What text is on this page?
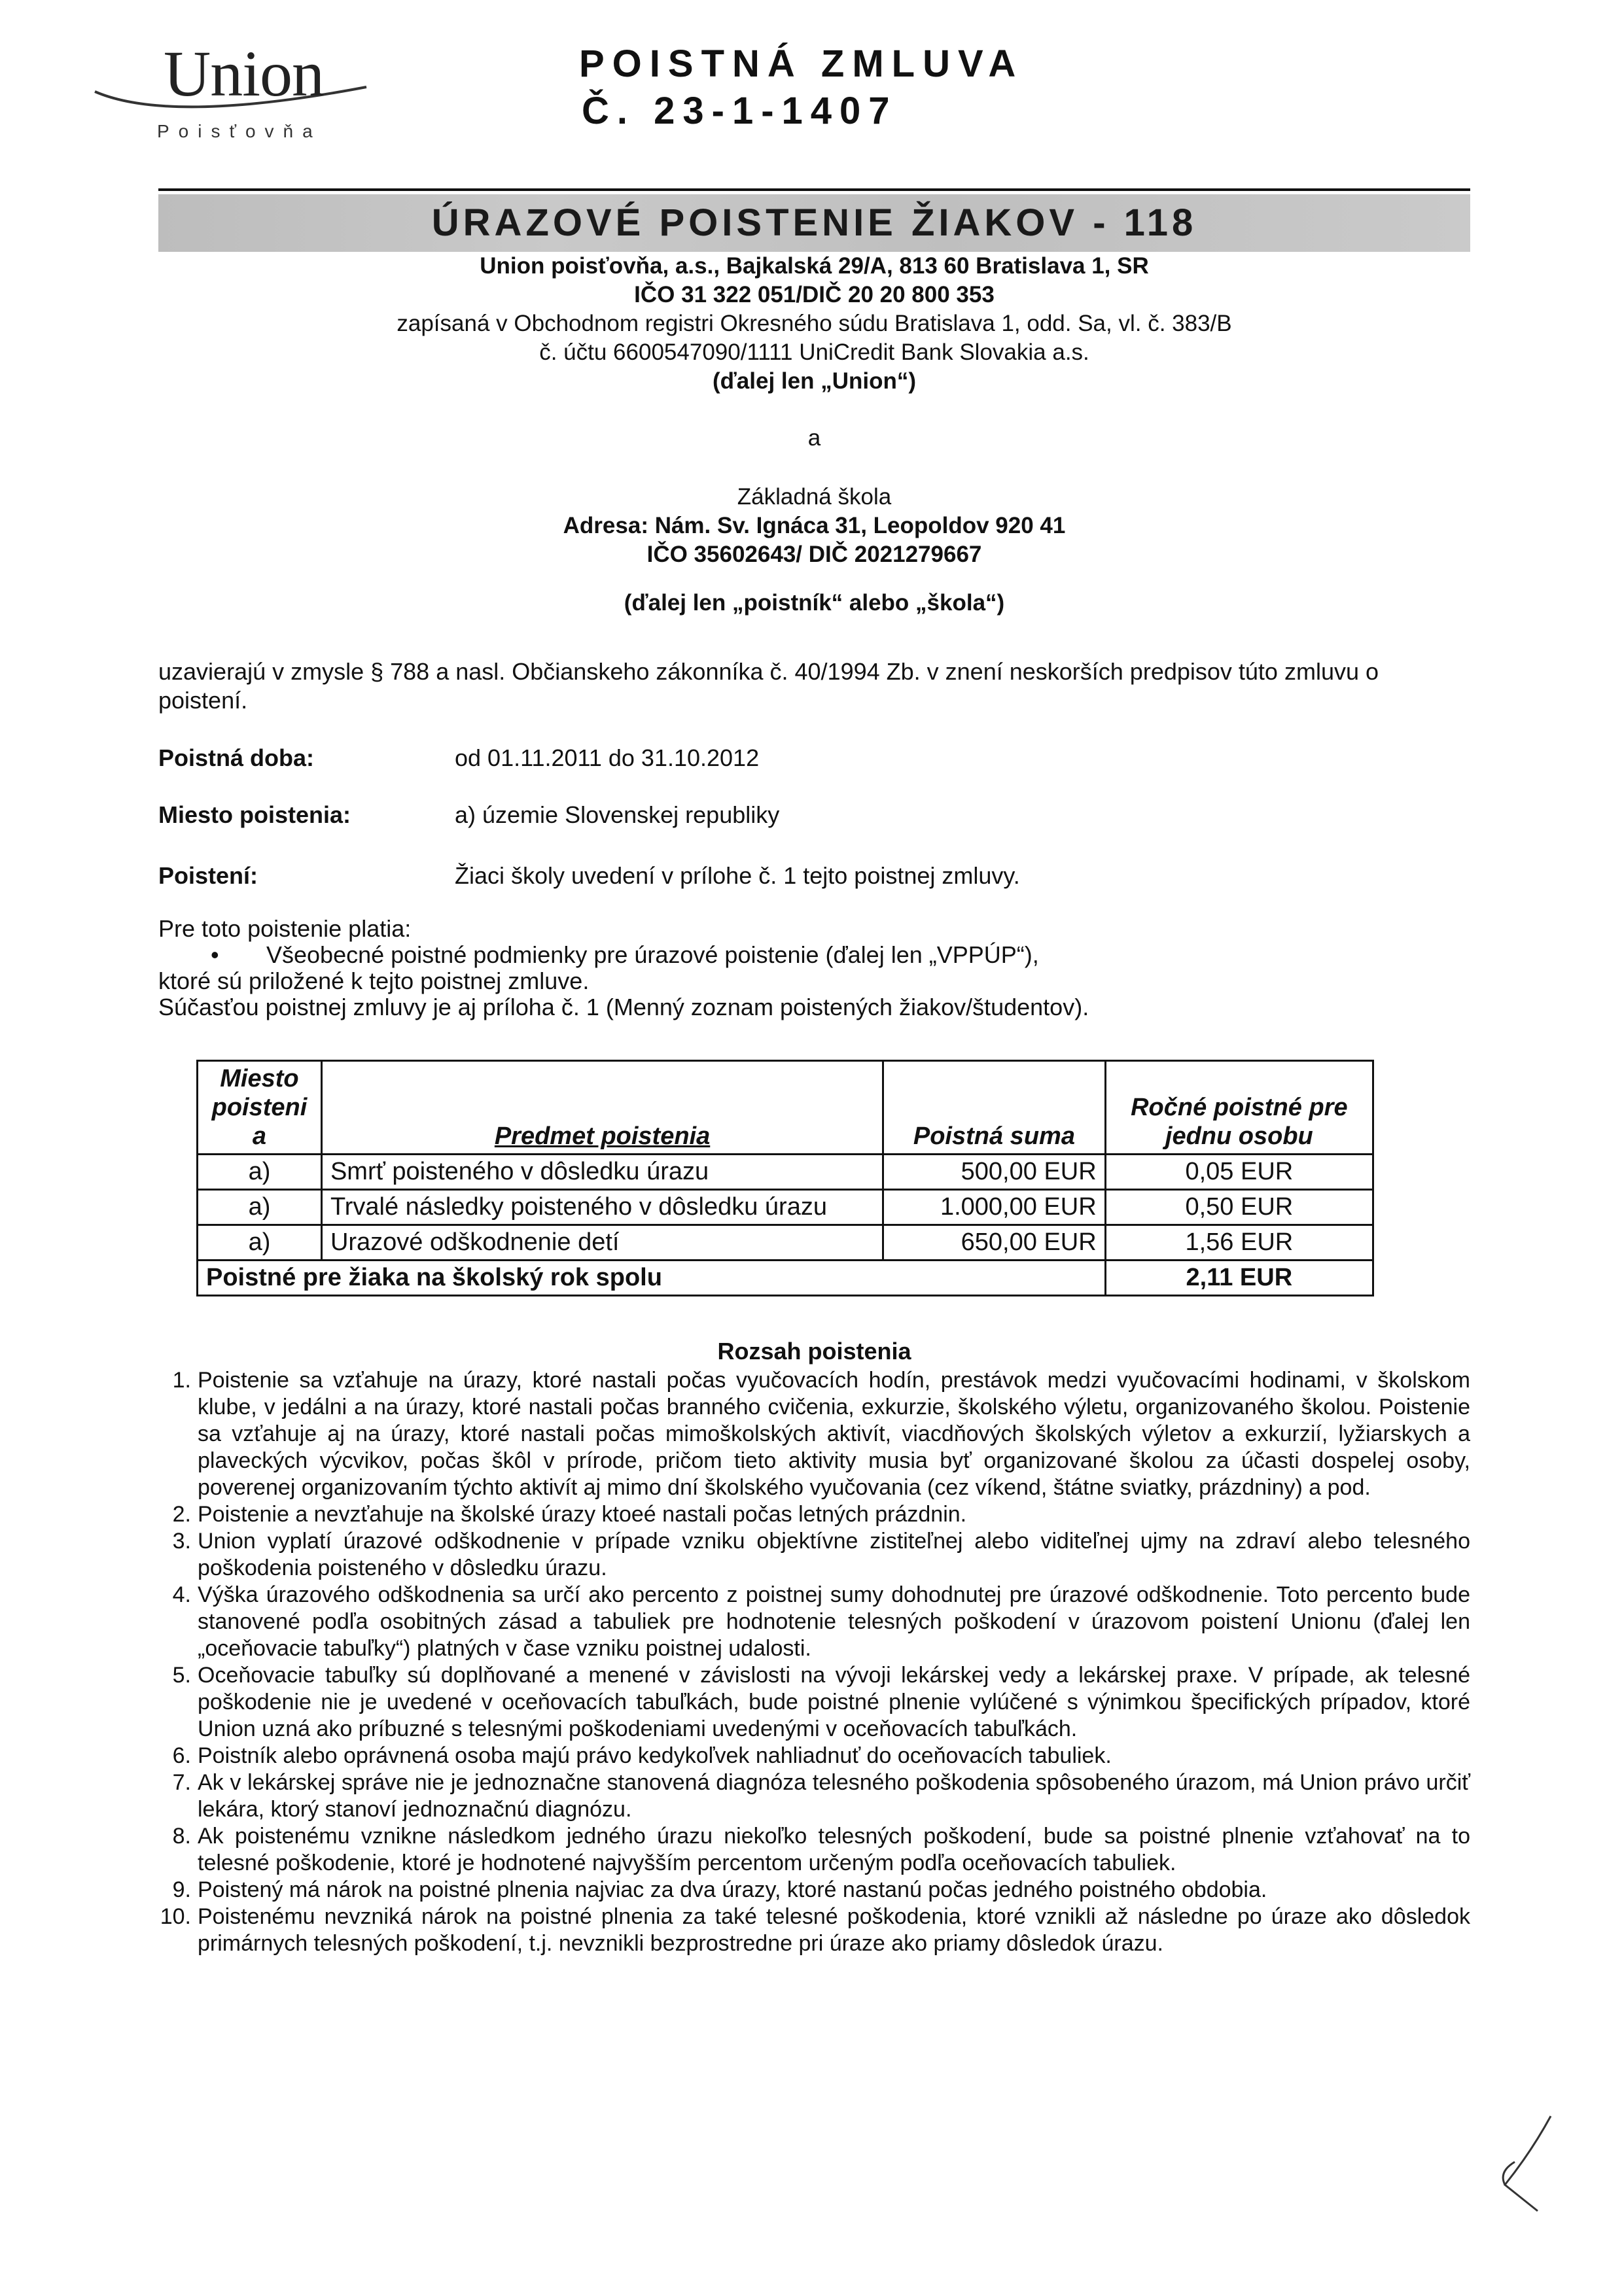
Union
Poisťovňa
POISTNÁ ZMLUVA
Č. 23-1-1407
ÚRAZOVÉ POISTENIE ŽIAKOV - 118
Union poisťovňa, a.s., Bajkalská 29/A, 813 60 Bratislava 1, SR
IČO 31 322 051/DIČ 20 20 800 353
zapísaná v Obchodnom registri Okresného súdu Bratislava 1, odd. Sa, vl. č. 383/B
č. účtu 6600547090/1111 UniCredit Bank Slovakia a.s.
(ďalej len „Union“)
a
Základná škola
Adresa: Nám. Sv. Ignáca 31, Leopoldov 920 41
IČO 35602643/ DIČ 2021279667
(ďalej len „poistník“ alebo „škola“)
uzavierajú v zmysle § 788 a nasl. Občianskeho zákonníka č. 40/1994 Zb. v znení neskorších predpisov túto zmluvu o poistení.
Poistná doba:	od 01.11.2011 do 31.10.2012
Miesto poistenia:	a) územie Slovenskej republiky
Poistení:	Žiaci školy uvedení v prílohe č. 1 tejto poistnej zmluvy.
Pre toto poistenie platia:
• Všeobecné poistné podmienky pre úrazové poistenie (ďalej len „VPPÚP“),
ktoré sú priložené k tejto poistnej zmluve.
Súčasťou poistnej zmluvy je aj príloha č. 1 (Menný zoznam poistených žiakov/študentov).
Miesto poisteni a	Predmet poistenia	Poistná suma	Ročné poistné pre jednu osobu
a)	Smrť poisteného v dôsledku úrazu	500,00 EUR	0,05 EUR
a)	Trvalé následky poisteného v dôsledku úrazu	1.000,00 EUR	0,50 EUR
a)	Urazové odškodnenie detí	650,00 EUR	1,56 EUR
Poistné pre žiaka na školský rok spolu			2,11 EUR
Rozsah poistenia
1. Poistenie sa vzťahuje na úrazy, ktoré nastali počas vyučovacích hodín, prestávok medzi vyučovacími hodinami, v školskom klube, v jedálni a na úrazy, ktoré nastali počas branného cvičenia, exkurzie, školského výletu, organizovaného školou. Poistenie sa vzťahuje aj na úrazy, ktoré nastali počas mimoškolských aktivít, viacdňových školských výletov a exkurzií, lyžiarskych a plaveckých výcvikov, počas škôl v prírode, pričom tieto aktivity musia byť organizované školou za účasti dospelej osoby, poverenej organizovaním týchto aktivít aj mimo dní školského vyučovania (cez víkend, štátne sviatky, prázdniny) a pod.
2. Poistenie a nevzťahuje na školské úrazy ktoeé nastali počas letných prázdnin.
3. Union vyplatí úrazové odškodnenie v prípade vzniku objektívne zistiteľnej alebo viditeľnej ujmy na zdraví alebo telesného poškodenia poisteného v dôsledku úrazu.
4. Výška úrazového odškodnenia sa určí ako percento z poistnej sumy dohodnutej pre úrazové odškodnenie. Toto percento bude stanovené podľa osobitných zásad a tabuliek pre hodnotenie telesných poškodení v úrazovom poistení Unionu (ďalej len „oceňovacie tabuľky“) platných v čase vzniku poistnej udalosti.
5. Oceňovacie tabuľky sú doplňované a menené v závislosti na vývoji lekárskej vedy a lekárskej praxe. V prípade, ak telesné poškodenie nie je uvedené v oceňovacích tabuľkách, bude poistné plnenie vylúčené s výnimkou špecifických prípadov, ktoré Union uzná ako príbuzné s telesnými poškodeniami uvedenými v oceňovacích tabuľkách.
6. Poistník alebo oprávnená osoba majú právo kedykoľvek nahliadnuť do oceňovacích tabuliek.
7. Ak v lekárskej správe nie je jednoznačne stanovená diagnóza telesného poškodenia spôsobeného úrazom, má Union právo určiť lekára, ktorý stanoví jednoznačnú diagnózu.
8. Ak poistenému vznikne následkom jedného úrazu niekoľko telesných poškodení, bude sa poistné plnenie vzťahovať na to telesné poškodenie, ktoré je hodnotené najvyšším percentom určeným podľa oceňovacích tabuliek.
9. Poistený má nárok na poistné plnenia najviac za dva úrazy, ktoré nastanú počas jedného poistného obdobia.
10. Poistenému nevzniká nárok na poistné plnenia za také telesné poškodenia, ktoré vznikli až následne po úraze ako dôsledok primárnych telesných poškodení, t.j. nevznikli bezprostredne pri úraze ako priamy dôsledok úrazu.
